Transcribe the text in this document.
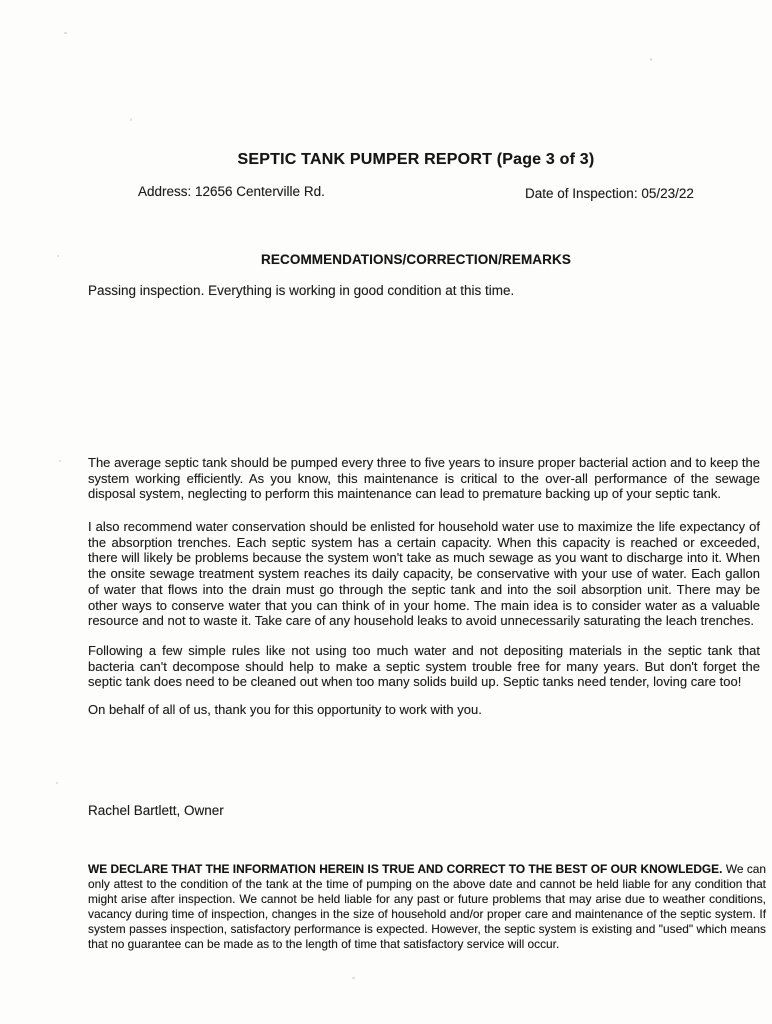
SEPTIC TANK PUMPER REPORT (Page 3 of 3)
Address: 12656 Centerville Rd.	Date of Inspection: 05/23/22
RECOMMENDATIONS/CORRECTION/REMARKS
Passing inspection. Everything is working in good condition at this time.

The average septic tank should be pumped every three to five years to insure proper bacterial action and to keep the system working efficiently. As you know, this maintenance is critical to the over-all performance of the sewage disposal system, neglecting to perform this maintenance can lead to premature backing up of your septic tank.

I also recommend water conservation should be enlisted for household water use to maximize the life expectancy of the absorption trenches. Each septic system has a certain capacity. When this capacity is reached or exceeded, there will likely be problems because the system won't take as much sewage as you want to discharge into it. When the onsite sewage treatment system reaches its daily capacity, be conservative with your use of water. Each gallon of water that flows into the drain must go through the septic tank and into the soil absorption unit. There may be other ways to conserve water that you can think of in your home. The main idea is to consider water as a valuable resource and not to waste it. Take care of any household leaks to avoid unnecessarily saturating the leach trenches.

Following a few simple rules like not using too much water and not depositing materials in the septic tank that bacteria can't decompose should help to make a septic system trouble free for many years. But don't forget the septic tank does need to be cleaned out when too many solids build up. Septic tanks need tender, loving care too!

On behalf of all of us, thank you for this opportunity to work with you.

Rachel Bartlett, Owner

WE DECLARE THAT THE INFORMATION HEREIN IS TRUE AND CORRECT TO THE BEST OF OUR KNOWLEDGE. We can only attest to the condition of the tank at the time of pumping on the above date and cannot be held liable for any condition that might arise after inspection. We cannot be held liable for any past or future problems that may arise due to weather conditions, vacancy during time of inspection, changes in the size of household and/or proper care and maintenance of the septic system. If system passes inspection, satisfactory performance is expected. However, the septic system is existing and "used" which means that no guarantee can be made as to the length of time that satisfactory service will occur.
